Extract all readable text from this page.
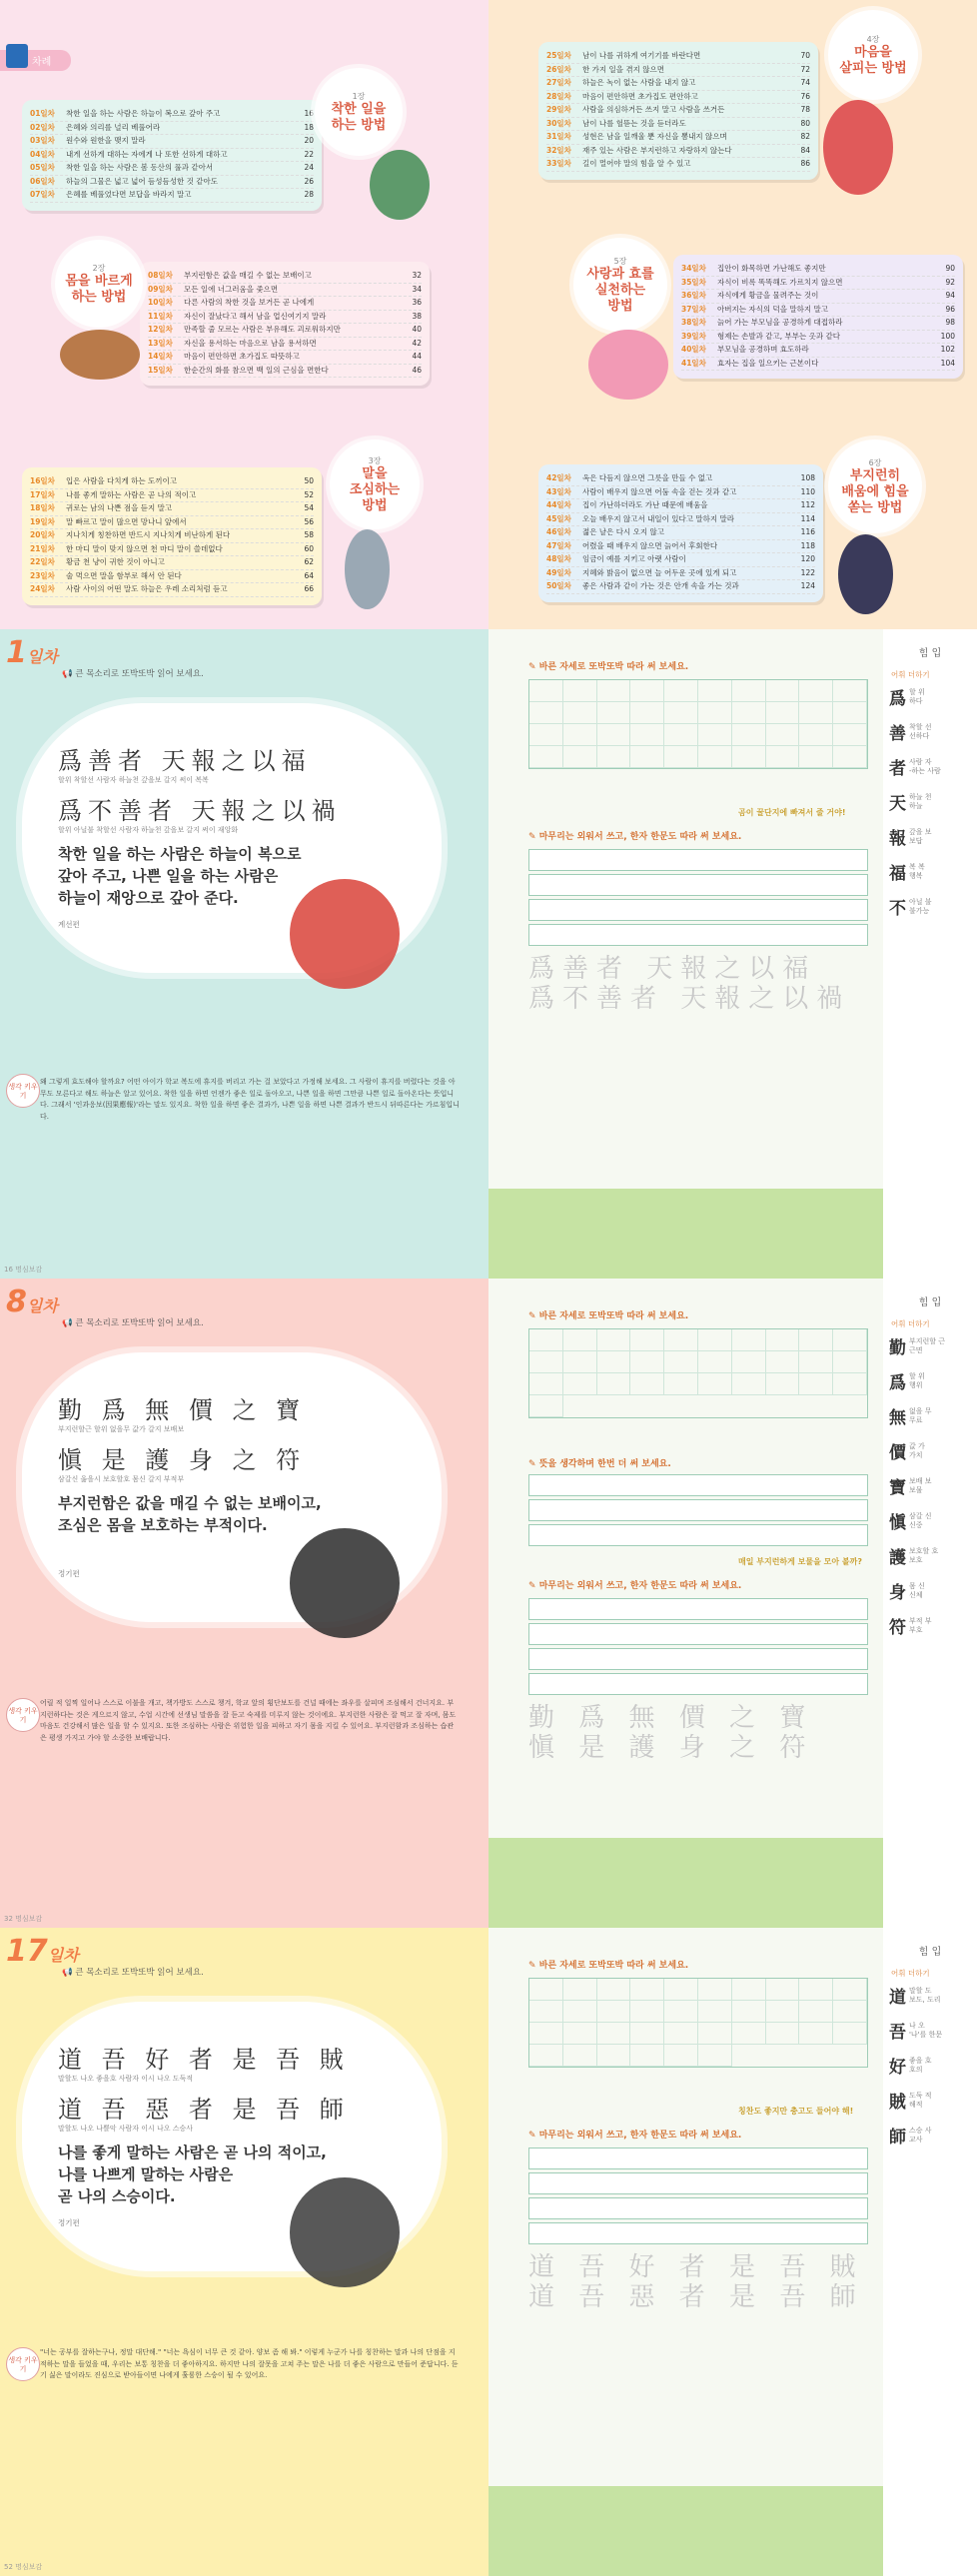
차례
01일차	착한 일을 하는 사람은 하늘이 복으로 갚아 주고	16
02일차	은혜와 의리를 널리 베풀어라	18
03일차	원수와 원한을 맺지 말라	20
04일차	내게 선하게 대하는 자에게 나 또한 선하게 대하고	22
05일차	착한 일을 하는 사람은 봄 동산의 풀과 같아서	24
06일차	하늘의 그물은 넓고 넓어 듬성듬성한 것 같아도	26
07일차	은혜를 베풀었다면 보답을 바라지 말고	28
1장
착한 일을
하는 방법
08일차	부지런함은 값을 매길 수 없는 보배이고	32
09일차	모든 일에 너그러움을 좇으면	34
10일차	다른 사람의 착한 것을 보거든 곧 나에게	36
11일차	자신이 잘났다고 해서 남을 업신여기지 말라	38
12일차	만족할 줄 모르는 사람은 부유해도 괴로워하지만	40
13일차	자신을 용서하는 마음으로 남을 용서하면	42
14일차	마음이 편안하면 초가집도 따뜻하고	44
15일차	한순간의 화를 참으면 백 일의 근심을 면한다	46
2장
몸을 바르게
하는 방법
16일차	입은 사람을 다치게 하는 도끼이고	50
17일차	나를 좋게 말하는 사람은 곧 나의 적이고	52
18일차	귀로는 남의 나쁜 점을 듣지 말고	54
19일차	말 빠르고 말이 많으면 망나니 앞에서	56
20일차	지나치게 칭찬하면 반드시 지나치게 비난하게 된다	58
21일차	한 마디 말이 맞지 않으면 천 마디 말이 쓸데없다	60
22일차	황금 천 냥이 귀한 것이 아니고	62
23일차	술 먹으면 말을 함부로 해서 안 된다	64
24일차	사람 사이의 어떤 말도 하늘은 우레 소리처럼 듣고	66
3장
말을
조심하는
방법
25일차	남이 나를 귀하게 여기기를 바란다면	70
26일차	한 가지 일을 겪지 않으면	72
27일차	하늘은 녹이 없는 사람을 내지 않고	74
28일차	마음이 편안하면 초가집도 편안하고	76
29일차	사람을 의심하거든 쓰지 말고 사람을 쓰거든	78
30일차	남이 나를 헐뜯는 것을 듣더라도	80
31일차	성현은 남을 일깨울 뿐 자신을 뽐내지 않으며	82
32일차	재주 있는 사람은 부지런하고 자랑하지 않는다	84
33일차	길이 멀어야 말의 힘을 알 수 있고	86
4장
마음을
살피는 방법
34일차	집안이 화목하면 가난해도 좋지만	90
35일차	자식이 비록 똑똑해도 가르치지 않으면	92
36일차	자식에게 황금을 물려주는 것이	94
37일차	아버지는 자식의 덕을 말하지 말고	96
38일차	늙어 가는 부모님을 공경하게 대접하라	98
39일차	형제는 손발과 같고, 부부는 옷과 같다	100
40일차	부모님을 공경하며 효도하라	102
41일차	효자는 집을 일으키는 근본이다	104
5장
사랑과 효를
실천하는
방법
42일차	옥은 다듬지 않으면 그릇을 만들 수 없고	108
43일차	사람이 배우지 않으면 어둠 속을 걷는 것과 같고	110
44일차	집이 가난하더라도 가난 때문에 배움을	112
45일차	오늘 배우지 않고서 내일이 있다고 말하지 말라	114
46일차	젊은 날은 다시 오지 않고	116
47일차	어렸을 때 배우지 않으면 늙어서 후회한다	118
48일차	임금이 예를 지키고 아랫 사람이	120
49일차	지혜와 밝음이 없으면 늘 어두운 곳에 있게 되고	122
50일차	좋은 사람과 같이 가는 것은 안개 속을 가는 것과	124
6장
부지런히
배움에 힘을
쏟는 방법
1일차
📢 큰 목소리로 또박또박 읽어 보세요.
爲善者 天報之以福
할위 착할선 사람자 하늘천 갚을보 갈지 써이 복복
爲不善者 天報之以禍
할위 아닐불 착할선 사람자 하늘천 갚을보 갈지 써이 재앙화
착한 일을 하는 사람은 하늘이 복으로
갚아 주고, 나쁜 일을 하는 사람은
하늘이 재앙으로 갚아 준다.
계선편
생각 키우기
왜 그렇게 효도해야 할까요? 어떤 아이가 학교 복도에 휴지를 버리고 가는 걸 보았다고 가정해 보세요. 그 사람이 휴지를 버렸다는 것을 아무도 모른다고 해도 하늘은 알고 있어요. 착한 일을 하면 언젠가 좋은 일로 돌아오고, 나쁜 일을 하면 그만큼 나쁜 일로 돌아온다는 뜻입니다. 그래서 '인과응보(因果應報)'라는 말도 있지요. 착한 일을 하면 좋은 결과가, 나쁜 일을 하면 나쁜 결과가 반드시 뒤따른다는 가르침입니다.
16 명심보감
✎ 바른 자세로 또박또박 따라 써 보세요.
곰이 꿀단지에 빠져서 줄 거야!
✎ 마무리는 외워서 쓰고, 한자 한문도 따라 써 보세요.
爲善者 天報之以福
爲不善者 天報之以禍
힘 입
어휘 더하기
爲 할 위
하다
善 착할 선
선하다
者 사람 자
-하는 사람
天 하늘 천
하늘
報 갚을 보
보답
福 복 복
행복
不 아닐 불
불가능
8일차
📢 큰 목소리로 또박또박 읽어 보세요.
勤 爲 無 價 之 寶
부지런할근 할위 없을무 값가 갈지 보배보
愼 是 護 身 之 符
삼갈신 옳을시 보호할호 몸신 갈지 부적부
부지런함은 값을 매길 수 없는 보배이고,
조심은 몸을 보호하는 부적이다.
정기편
생각 키우기
어릴 적 일찍 일어나 스스로 이불을 개고, 책가방도 스스로 챙겨, 학교 앞의 횡단보도를 건널 때에는 좌우를 살피며 조심해서 건너지요. 부지런하다는 것은 게으르지 않고, 수업 시간에 선생님 말씀을 잘 듣고 숙제를 미루지 않는 것이에요. 부지런한 사람은 잘 먹고 잘 자며, 몸도 마음도 건강해서 많은 일을 할 수 있지요. 또한 조심하는 사람은 위험한 일을 피하고 자기 몸을 지킬 수 있어요. 부지런함과 조심하는 습관은 평생 가지고 가야 할 소중한 보배랍니다.
32 명심보감
✎ 바른 자세로 또박또박 따라 써 보세요.
매일 부지런하게 보물을 모아 볼까?
✎ 뜻을 생각하며 한번 더 써 보세요.
✎ 마무리는 외워서 쓰고, 한자 한문도 따라 써 보세요.
勤 爲 無 價 之 寶
愼 是 護 身 之 符
힘 입
어휘 더하기
勤 부지런할 근
근면
爲 할 위
행위
無 없을 무
무료
價 값 가
가치
寶 보배 보
보물
愼 삼갈 신
신중
護 보호할 호
보호
身 몸 신
신체
符 부적 부
부호
17일차
📢 큰 목소리로 또박또박 읽어 보세요.
道 吾 好 者 是 吾 賊
말할도 나오 좋을호 사람자 이시 나오 도둑적
道 吾 惡 者 是 吾 師
말할도 나오 나쁠악 사람자 이시 나오 스승사
나를 좋게 말하는 사람은 곧 나의 적이고,
나를 나쁘게 말하는 사람은
곧 나의 스승이다.
정기편
생각 키우기
"너는 공부를 잘하는구나, 정말 대단해." "너는 욕심이 너무 큰 것 같아. 양보 좀 해 봐." 이렇게 누군가 나를 칭찬하는 말과 나의 단점을 지적하는 말을 들었을 때, 우리는 보통 칭찬을 더 좋아하지요. 하지만 나의 잘못을 고쳐 주는 말은 나를 더 좋은 사람으로 만들어 준답니다. 듣기 싫은 말이라도 진심으로 받아들이면 나에게 훌륭한 스승이 될 수 있어요.
52 명심보감
✎ 바른 자세로 또박또박 따라 써 보세요.
칭찬도 좋지만 충고도 들어야 해!
✎ 마무리는 외워서 쓰고, 한자 한문도 따라 써 보세요.
道 吾 好 者 是 吾 賊
道 吾 惡 者 是 吾 師
힘 입
어휘 더하기
道 말할 도
보도, 도리
吾 나 오
'나'를 한문
好 좋을 호
호의
賊 도둑 적
해적
師 스승 사
교사
